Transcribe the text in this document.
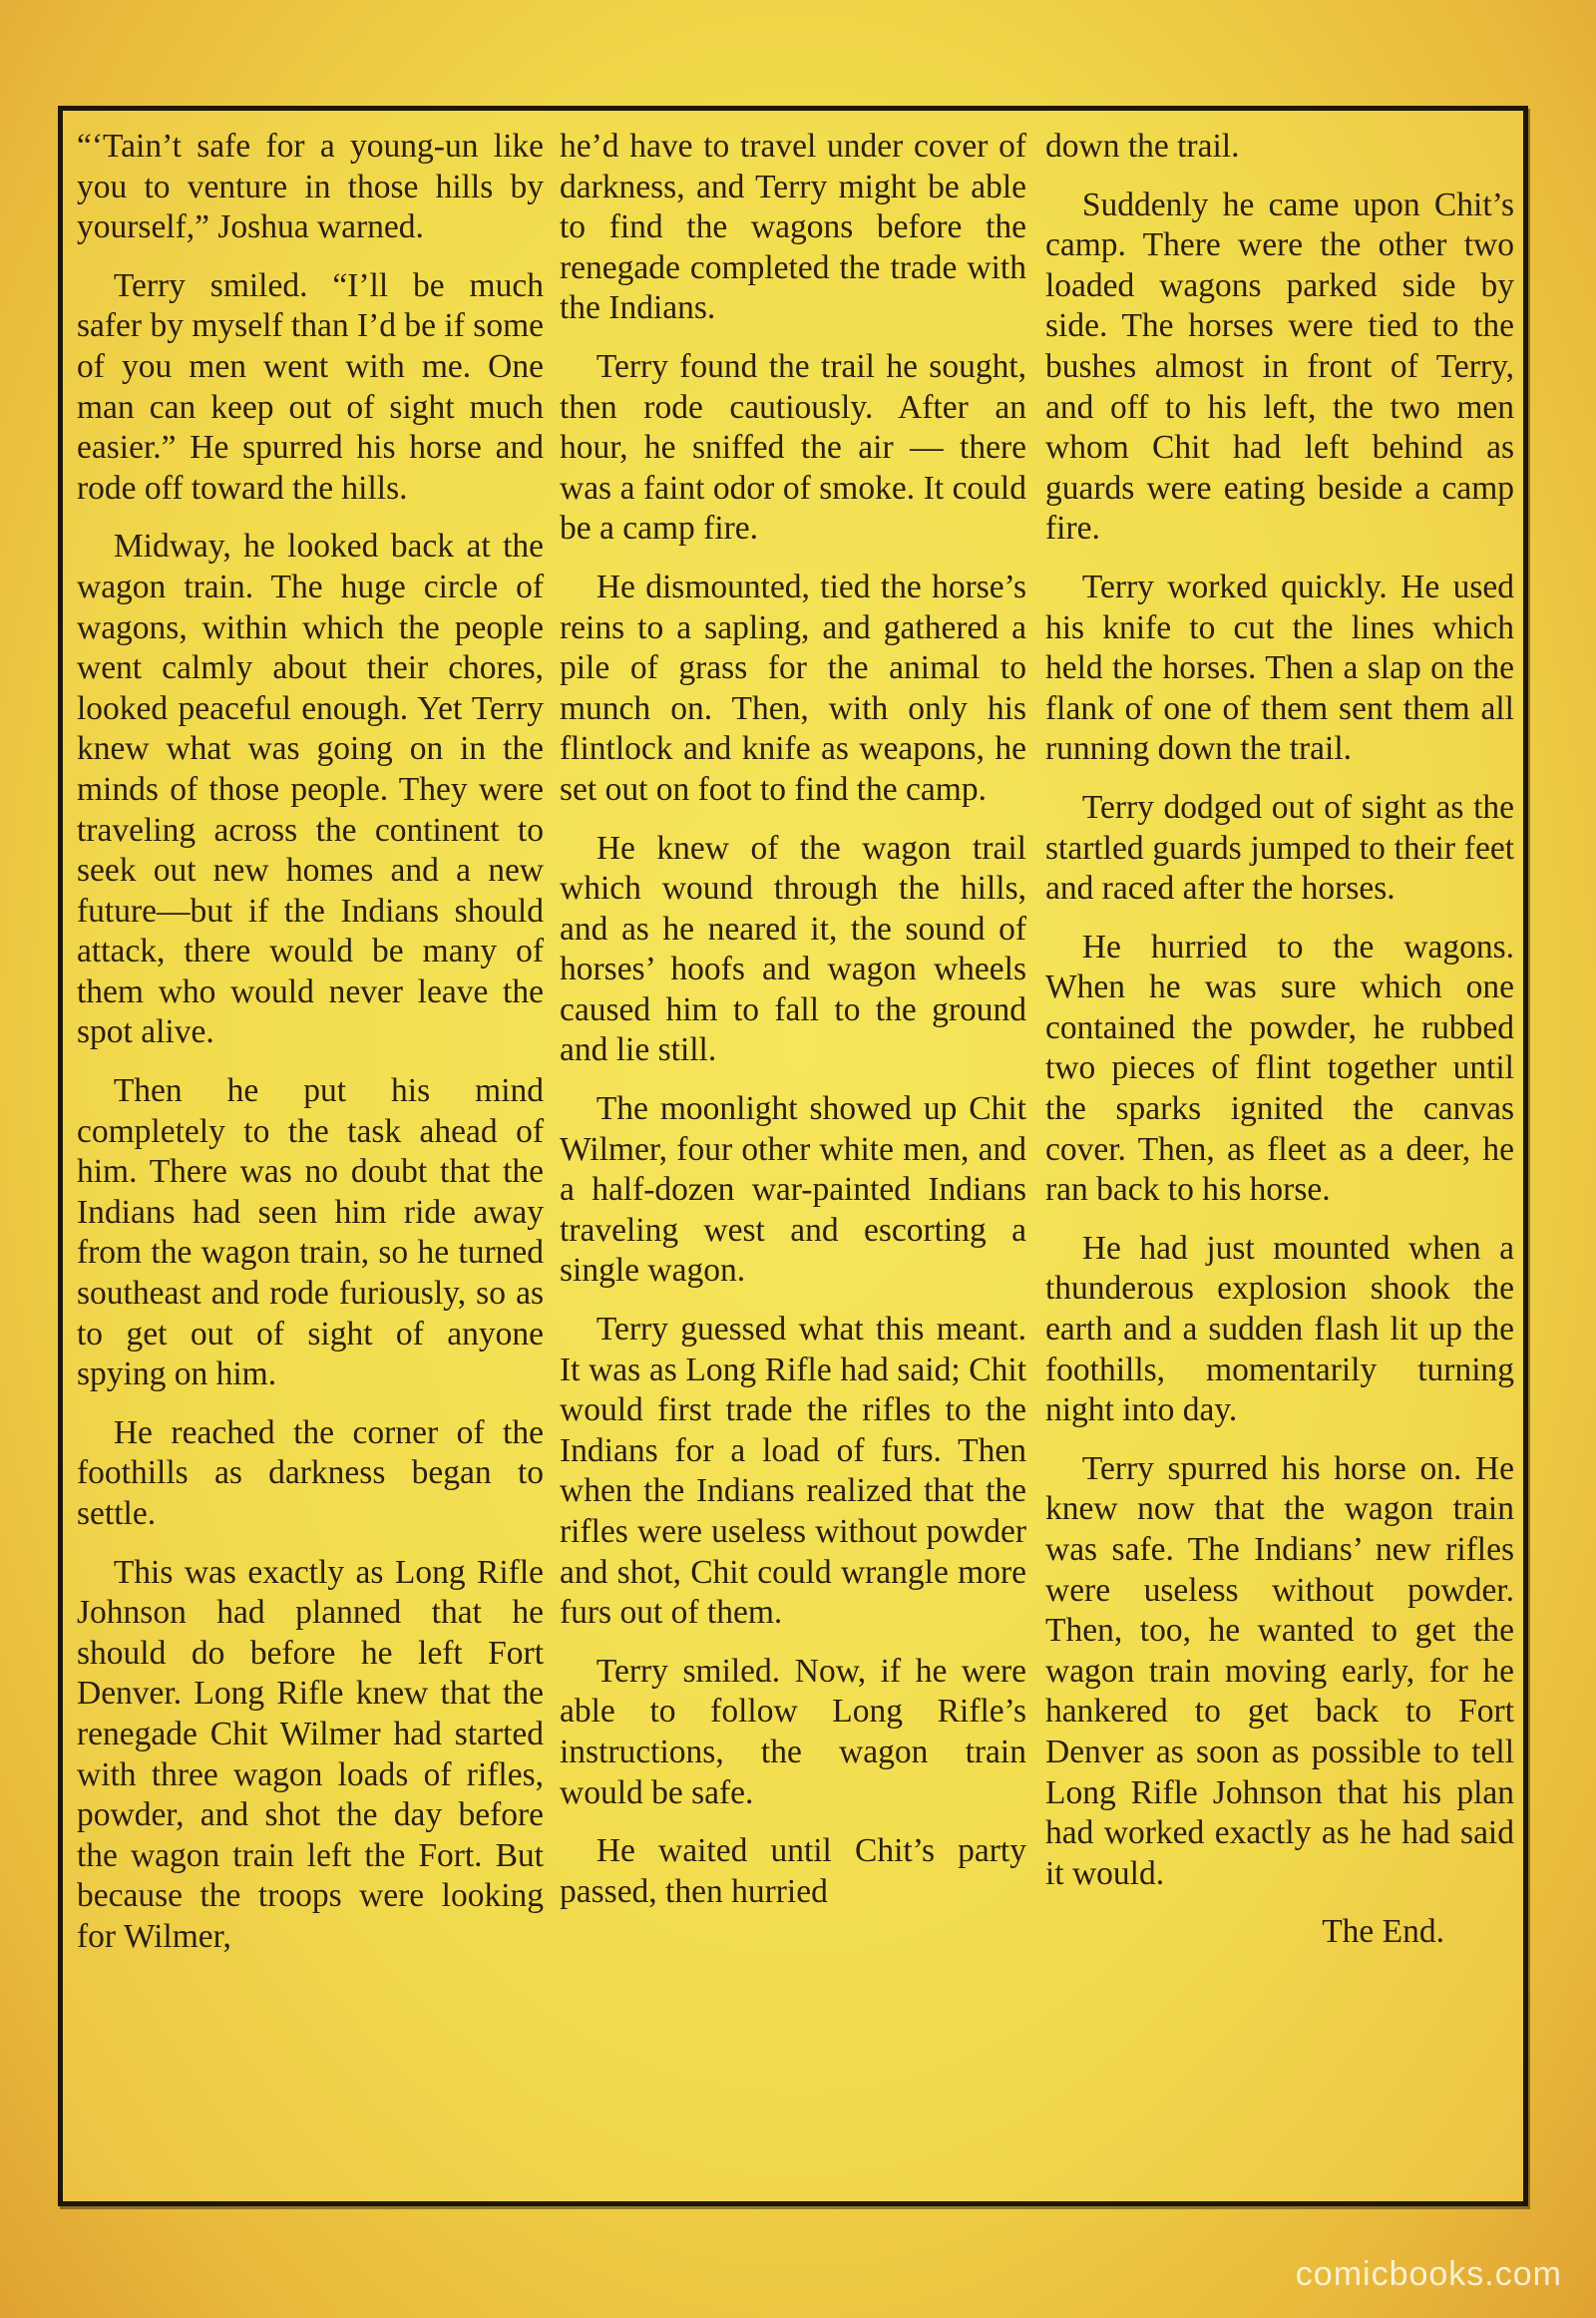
“‘Tain’t safe for a young-un like you to venture in those hills by yourself,” Joshua warned.

Terry smiled. “I’ll be much safer by myself than I’d be if some of you men went with me. One man can keep out of sight much easier.” He spurred his horse and rode off toward the hills.

Midway, he looked back at the wagon train. The huge circle of wagons, within which the people went calmly about their chores, looked peaceful enough. Yet Terry knew what was going on in the minds of those people. They were traveling across the continent to seek out new homes and a new future—but if the Indians should attack, there would be many of them who would never leave the spot alive.

Then he put his mind completely to the task ahead of him. There was no doubt that the Indians had seen him ride away from the wagon train, so he turned southeast and rode furiously, so as to get out of sight of anyone spying on him.

He reached the corner of the foothills as darkness began to settle.

This was exactly as Long Rifle Johnson had planned that he should do before he left Fort Denver. Long Rifle knew that the renegade Chit Wilmer had started with three wagon loads of rifles, powder, and shot the day before the wagon train left the Fort. But because the troops were looking for Wilmer,

he’d have to travel under cover of darkness, and Terry might be able to find the wagons before the renegade completed the trade with the Indians.

Terry found the trail he sought, then rode cautiously. After an hour, he sniffed the air — there was a faint odor of smoke. It could be a camp fire.

He dismounted, tied the horse’s reins to a sapling, and gathered a pile of grass for the animal to munch on. Then, with only his flintlock and knife as weapons, he set out on foot to find the camp.

He knew of the wagon trail which wound through the hills, and as he neared it, the sound of horses’ hoofs and wagon wheels caused him to fall to the ground and lie still.

The moonlight showed up Chit Wilmer, four other white men, and a half-dozen war-painted Indians traveling west and escorting a single wagon.

Terry guessed what this meant. It was as Long Rifle had said; Chit would first trade the rifles to the Indians for a load of furs. Then when the Indians realized that the rifles were useless without powder and shot, Chit could wrangle more furs out of them.

Terry smiled. Now, if he were able to follow Long Rifle’s instructions, the wagon train would be safe.

He waited until Chit’s party passed, then hurried

down the trail.

Suddenly he came upon Chit’s camp. There were the other two loaded wagons parked side by side. The horses were tied to the bushes almost in front of Terry, and off to his left, the two men whom Chit had left behind as guards were eating beside a camp fire.

Terry worked quickly. He used his knife to cut the lines which held the horses. Then a slap on the flank of one of them sent them all running down the trail.

Terry dodged out of sight as the startled guards jumped to their feet and raced after the horses.

He hurried to the wagons. When he was sure which one contained the powder, he rubbed two pieces of flint together until the sparks ignited the canvas cover. Then, as fleet as a deer, he ran back to his horse.

He had just mounted when a thunderous explosion shook the earth and a sudden flash lit up the foothills, momentarily turning night into day.

Terry spurred his horse on. He knew now that the wagon train was safe. The Indians’ new rifles were useless without powder. Then, too, he wanted to get the wagon train moving early, for he hankered to get back to Fort Denver as soon as possible to tell Long Rifle Johnson that his plan had worked exactly as he had said it would.

The End.

comicbooks.com
